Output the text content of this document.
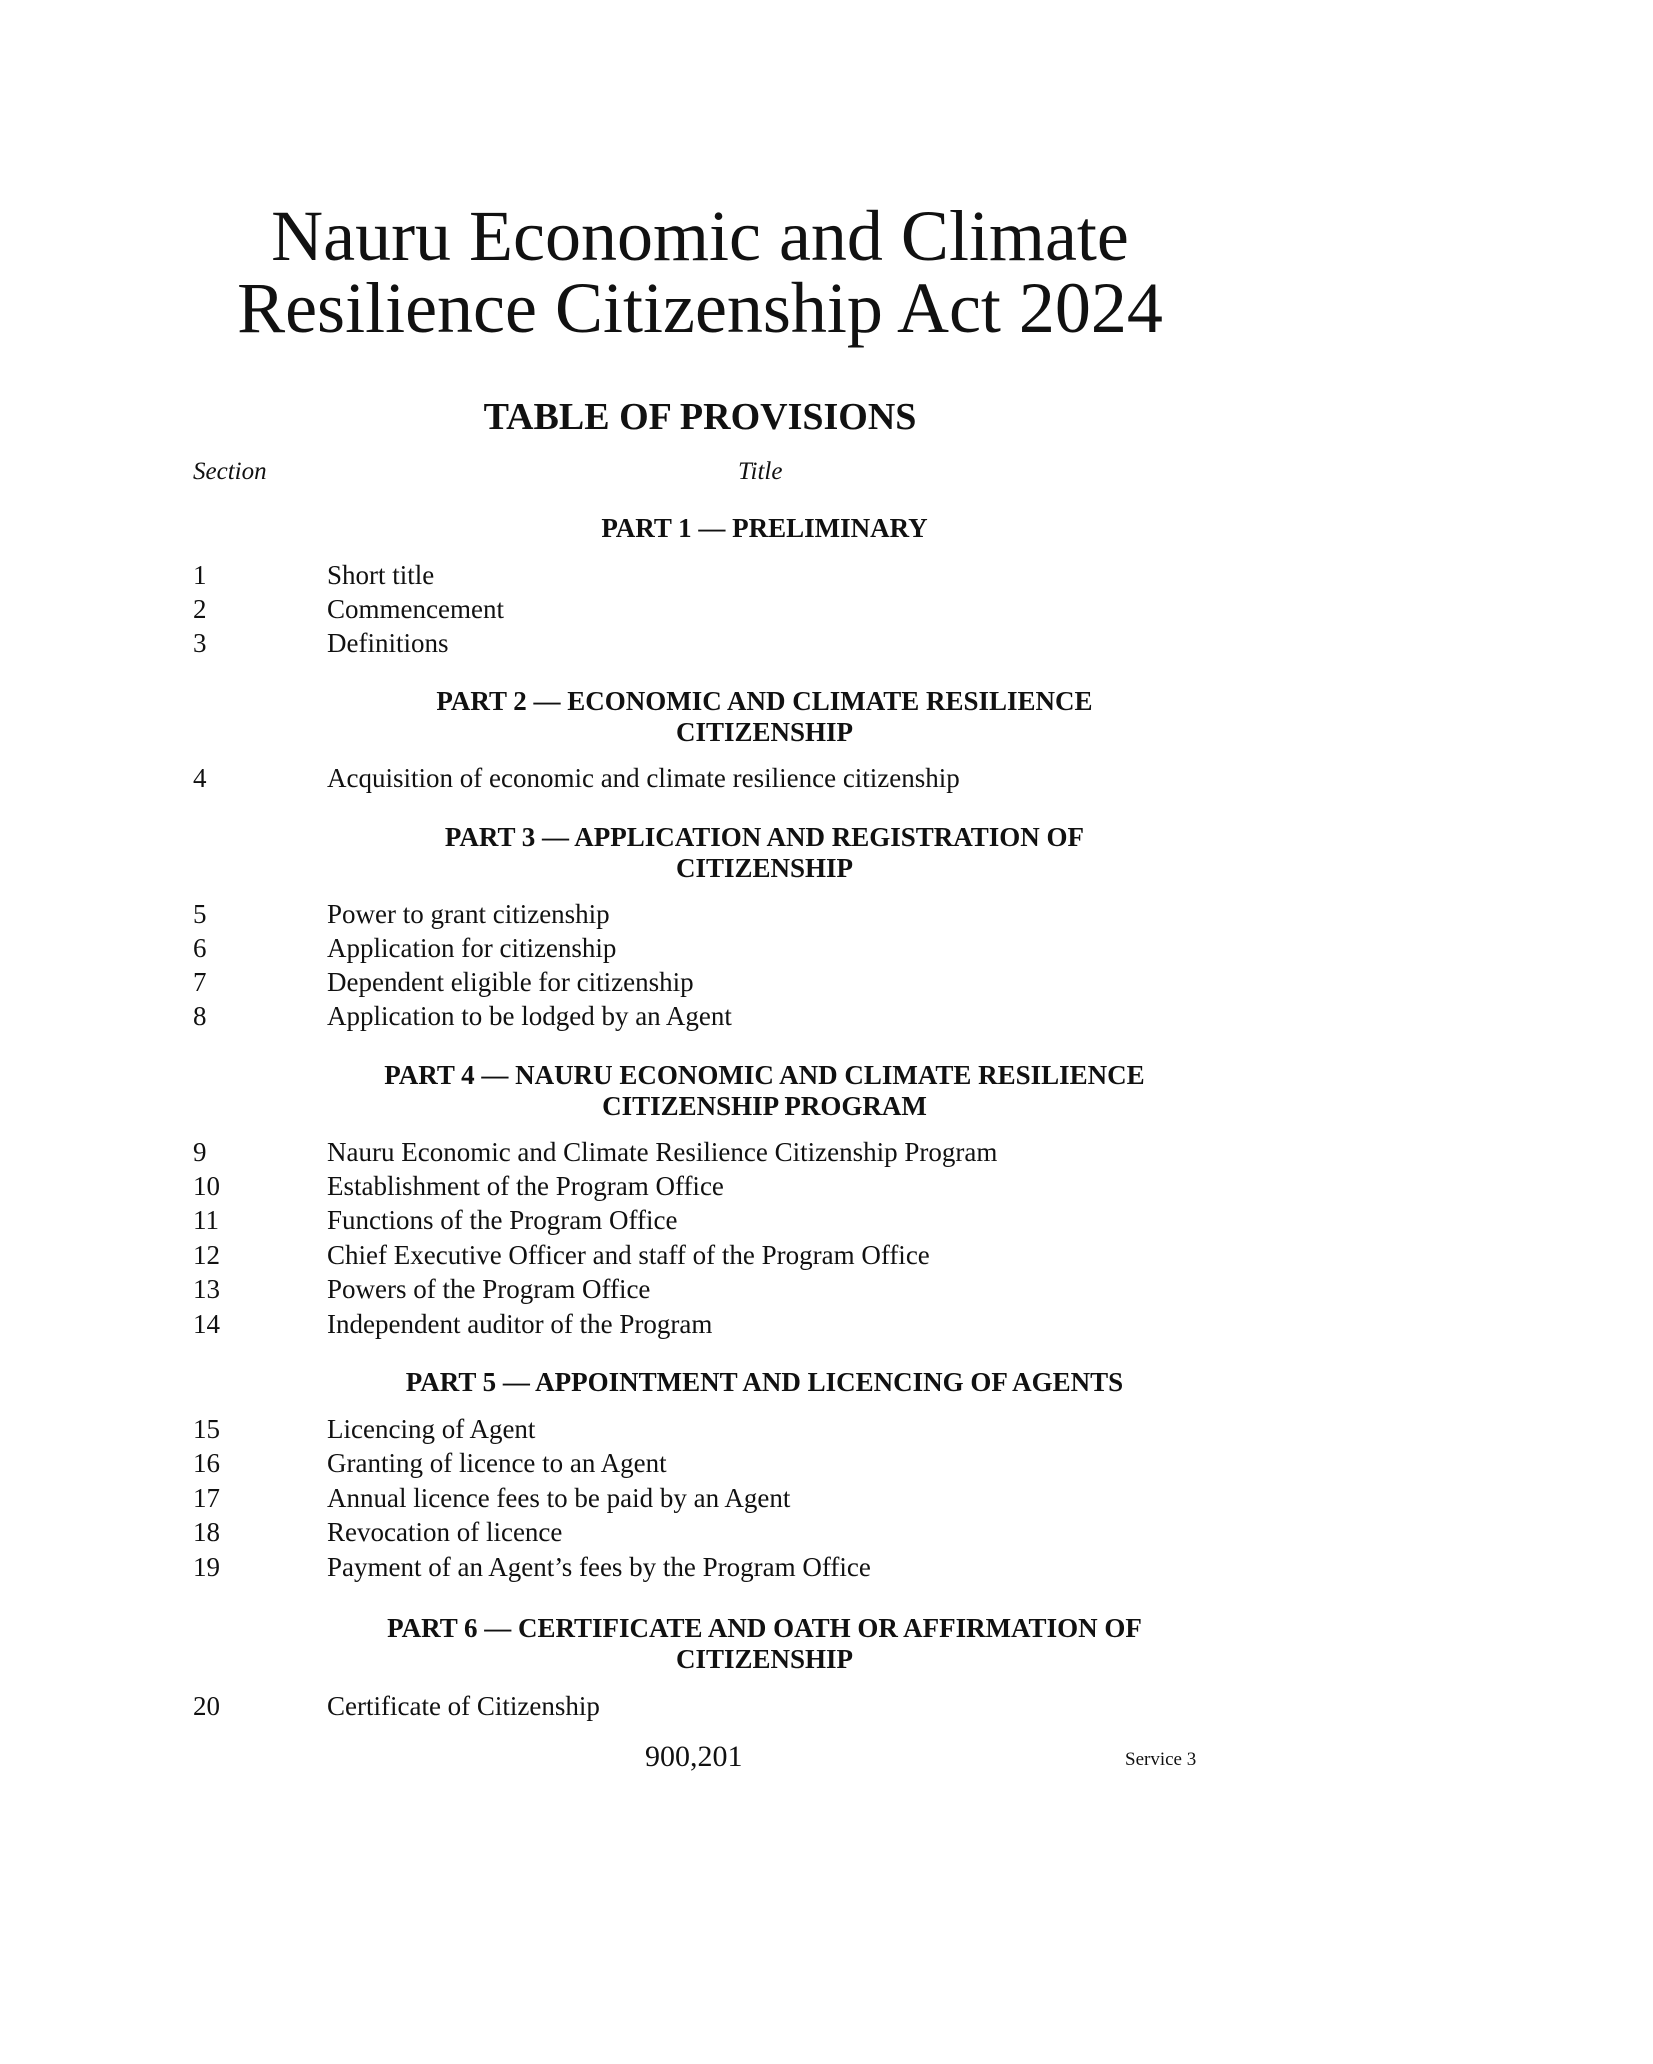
Nauru Economic and Climate
Resilience Citizenship Act 2024
TABLE OF PROVISIONS
Section	Title
PART 1 — PRELIMINARY
1	Short title
2	Commencement
3	Definitions
PART 2 — ECONOMIC AND CLIMATE RESILIENCE
CITIZENSHIP
4	Acquisition of economic and climate resilience citizenship
PART 3 — APPLICATION AND REGISTRATION OF
CITIZENSHIP
5	Power to grant citizenship
6	Application for citizenship
7	Dependent eligible for citizenship
8	Application to be lodged by an Agent
PART 4 — NAURU ECONOMIC AND CLIMATE RESILIENCE
CITIZENSHIP PROGRAM
9	Nauru Economic and Climate Resilience Citizenship Program
10	Establishment of the Program Office
11	Functions of the Program Office
12	Chief Executive Officer and staff of the Program Office
13	Powers of the Program Office
14	Independent auditor of the Program
PART 5 — APPOINTMENT AND LICENCING OF AGENTS
15	Licencing of Agent
16	Granting of licence to an Agent
17	Annual licence fees to be paid by an Agent
18	Revocation of licence
19	Payment of an Agent’s fees by the Program Office
PART 6 — CERTIFICATE AND OATH OR AFFIRMATION OF
CITIZENSHIP
20	Certificate of Citizenship
900,201	Service 3
